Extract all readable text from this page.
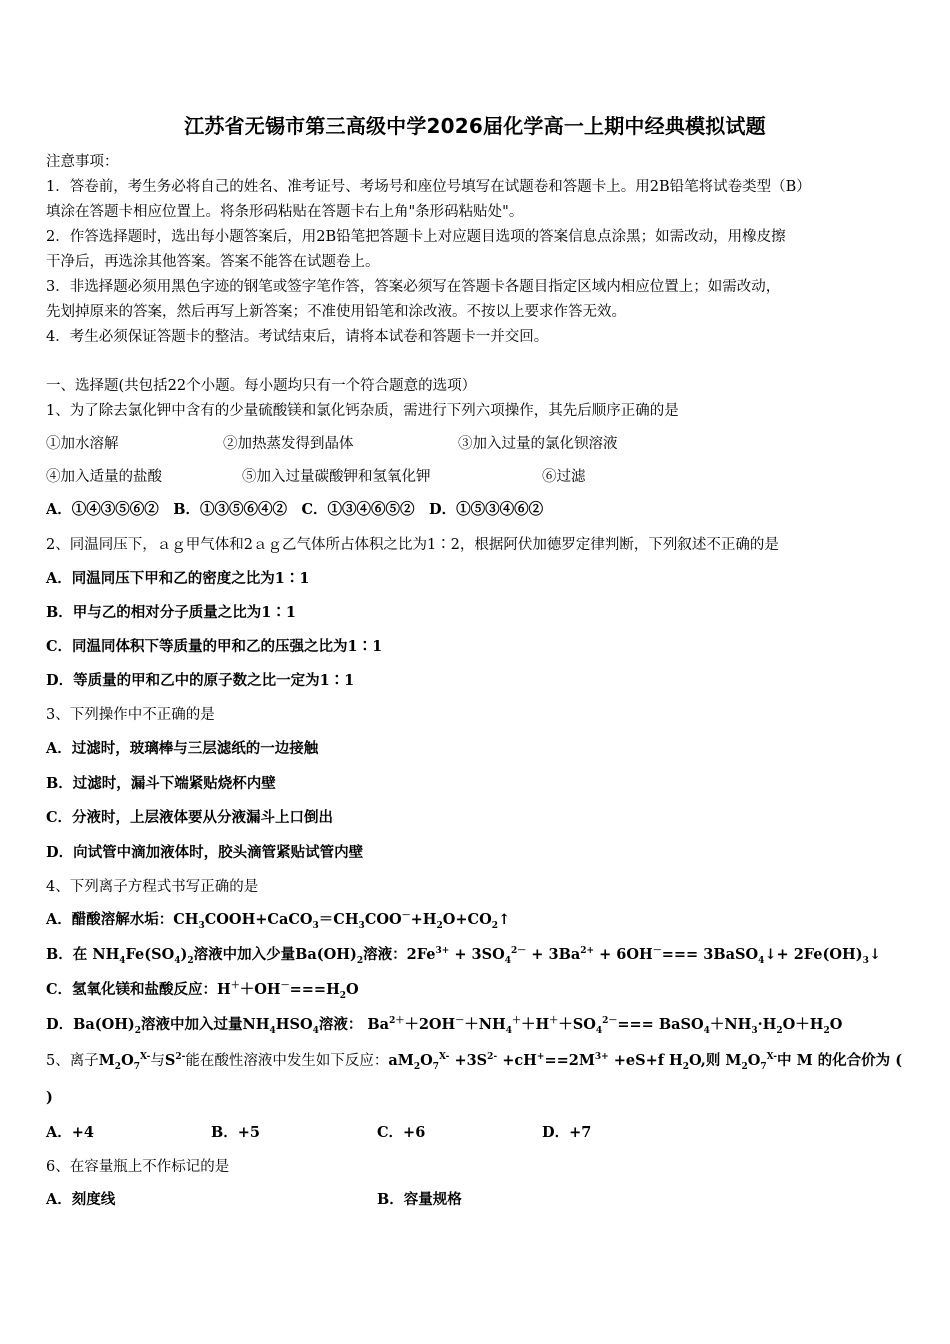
江苏省无锡市第三高级中学2026届化学高一上期中经典模拟试题
注意事项：
1．答卷前，考生务必将自己的姓名、准考证号、考场号和座位号填写在试题卷和答题卡上。用2B铅笔将试卷类型（B）
填涂在答题卡相应位置上。将条形码粘贴在答题卡右上角"条形码粘贴处"。
2．作答选择题时，选出每小题答案后，用2B铅笔把答题卡上对应题目选项的答案信息点涂黑；如需改动，用橡皮擦
干净后，再选涂其他答案。答案不能答在试题卷上。
3．非选择题必须用黑色字迹的钢笔或签字笔作答，答案必须写在答题卡各题目指定区域内相应位置上；如需改动，
先划掉原来的答案，然后再写上新答案；不准使用铅笔和涂改液。不按以上要求作答无效。
4．考生必须保证答题卡的整洁。考试结束后，请将本试卷和答题卡一并交回。
一、选择题(共包括22个小题。每小题均只有一个符合题意的选项）
1、为了除去氯化钾中含有的少量硫酸镁和氯化钙杂质，需进行下列六项操作，其先后顺序正确的是
①加水溶解	②加热蒸发得到晶体	③加入过量的氯化钡溶液
④加入适量的盐酸	⑤加入过量碳酸钾和氢氧化钾	⑥过滤
A．①④③⑤⑥②　B．①③⑤⑥④②　C．①③④⑥⑤②　D．①⑤③④⑥②
2、同温同压下，ａｇ甲气体和2ａｇ乙气体所占体积之比为1∶2，根据阿伏加德罗定律判断，下列叙述不正确的是
A．同温同压下甲和乙的密度之比为1∶1
B．甲与乙的相对分子质量之比为1∶1
C．同温同体积下等质量的甲和乙的压强之比为1∶1
D．等质量的甲和乙中的原子数之比一定为1∶1
3、下列操作中不正确的是
A．过滤时，玻璃棒与三层滤纸的一边接触
B．过滤时，漏斗下端紧贴烧杯内壁
C．分液时，上层液体要从分液漏斗上口倒出
D．向试管中滴加液体时，胶头滴管紧贴试管内壁
4、下列离子方程式书写正确的是
A．醋酸溶解水垢：$CH_3COOH+CaCO_3=CH_3COO^-+H_2O+CO_2↑$
B．在 $NH_4Fe(SO_4)_2$溶液中加入少量$Ba(OH)_2$溶液：$2Fe^{3+} + 3SO_4^{2-} + 3Ba^{2+} + 6OH^-===$ 3BaSO$_4$↓+ $2Fe(OH)_3↓$
C．氢氧化镁和盐酸反应：$H^++OH^-===H_2O$
D．$Ba(OH)_2$溶液中加入过量$NH_4HSO_4$溶液： $Ba^{2+}+2OH^-+NH_4^++H^++SO_4^{2-}===$ $BaSO_4+NH_3\cdot H_2O+H_2O$
5、离子$M_2O_7^{X-}$与$S^{2-}$能在酸性溶液中发生如下反应：$aM_2O_7^{X-} +3S^{2-} +cH^+==2M^{3+} +eS+f$ $H_2O$,则 $M_2O_7^{X-}$中 M 的化合价为 (
)
A．+4	B．+5	C．+6	D．+7
6、在容量瓶上不作标记的是
A．刻度线	B．容量规格
